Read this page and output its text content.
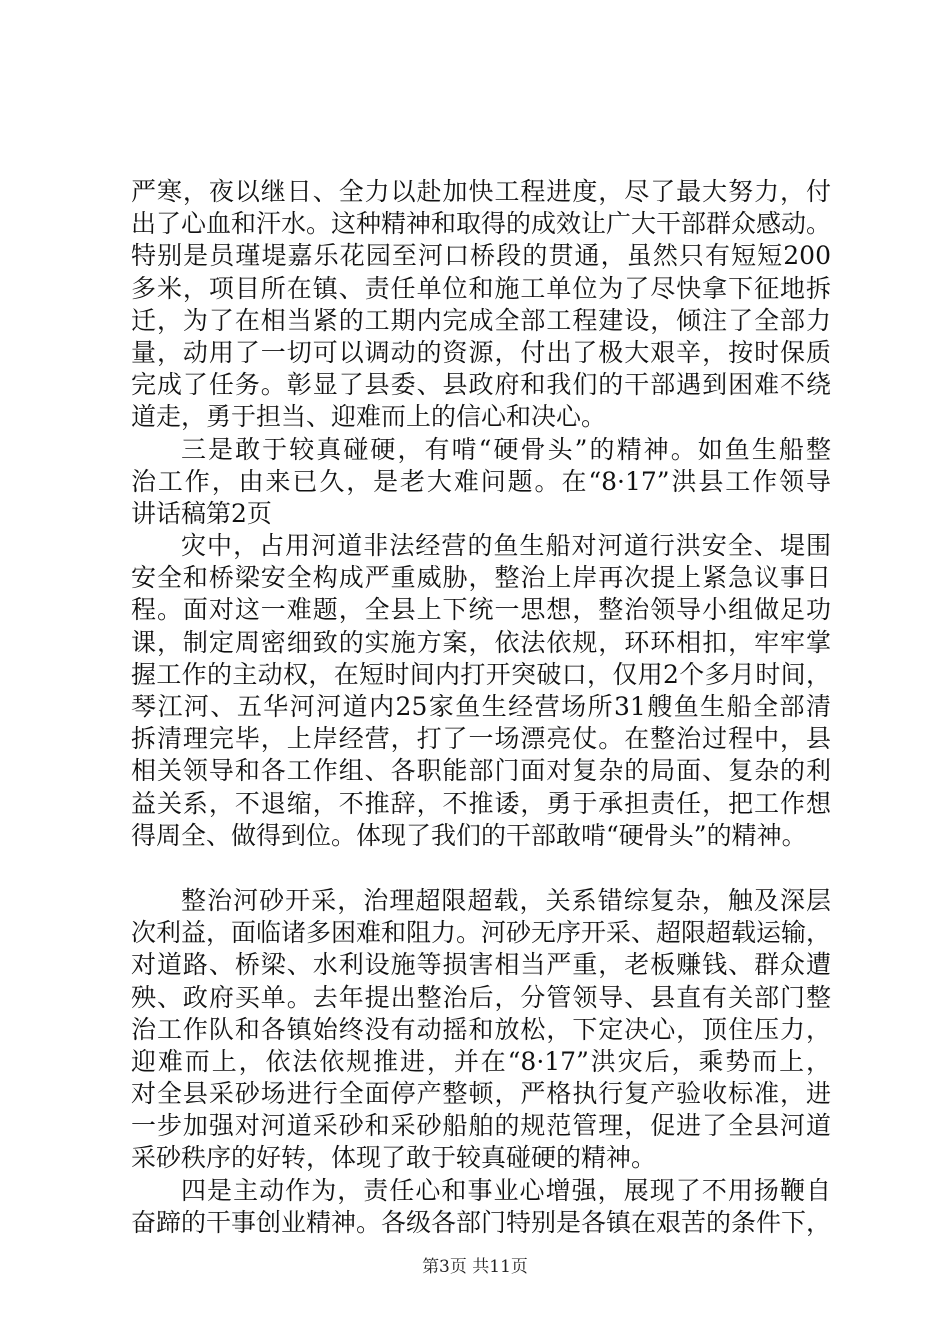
严寒，夜以继日、全力以赴加快工程进度，尽了最大努力，付
出了心血和汗水。这种精神和取得的成效让广大干部群众感动。
特别是员瑾堤嘉乐花园至河口桥段的贯通，虽然只有短短200
多米，项目所在镇、责任单位和施工单位为了尽快拿下征地拆
迁，为了在相当紧的工期内完成全部工程建设，倾注了全部力
量，动用了一切可以调动的资源，付出了极大艰辛，按时保质
完成了任务。彰显了县委、县政府和我们的干部遇到困难不绕
道走，勇于担当、迎难而上的信心和决心。
三是敢于较真碰硬，有啃“硬骨头”的精神。如鱼生船整
治工作，由来已久，是老大难问题。在“8·17”洪县工作领导
讲话稿第2页
灾中，占用河道非法经营的鱼生船对河道行洪安全、堤围
安全和桥梁安全构成严重威胁，整治上岸再次提上紧急议事日
程。面对这一难题，全县上下统一思想，整治领导小组做足功
课，制定周密细致的实施方案，依法依规，环环相扣，牢牢掌
握工作的主动权，在短时间内打开突破口，仅用2个多月时间，
琴江河、五华河河道内25家鱼生经营场所31艘鱼生船全部清
拆清理完毕，上岸经营，打了一场漂亮仗。在整治过程中，县
相关领导和各工作组、各职能部门面对复杂的局面、复杂的利
益关系，不退缩，不推辞，不推诿，勇于承担责任，把工作想
得周全、做得到位。体现了我们的干部敢啃“硬骨头”的精神。
整治河砂开采，治理超限超载，关系错综复杂，触及深层
次利益，面临诸多困难和阻力。河砂无序开采、超限超载运输，
对道路、桥梁、水利设施等损害相当严重，老板赚钱、群众遭
殃、政府买单。去年提出整治后，分管领导、县直有关部门整
治工作队和各镇始终没有动摇和放松，下定决心，顶住压力，
迎难而上，依法依规推进，并在“8·17”洪灾后，乘势而上，
对全县采砂场进行全面停产整顿，严格执行复产验收标准，进
一步加强对河道采砂和采砂船舶的规范管理，促进了全县河道
采砂秩序的好转，体现了敢于较真碰硬的精神。
四是主动作为，责任心和事业心增强，展现了不用扬鞭自
奋蹄的干事创业精神。各级各部门特别是各镇在艰苦的条件下，
第3页 共11页
